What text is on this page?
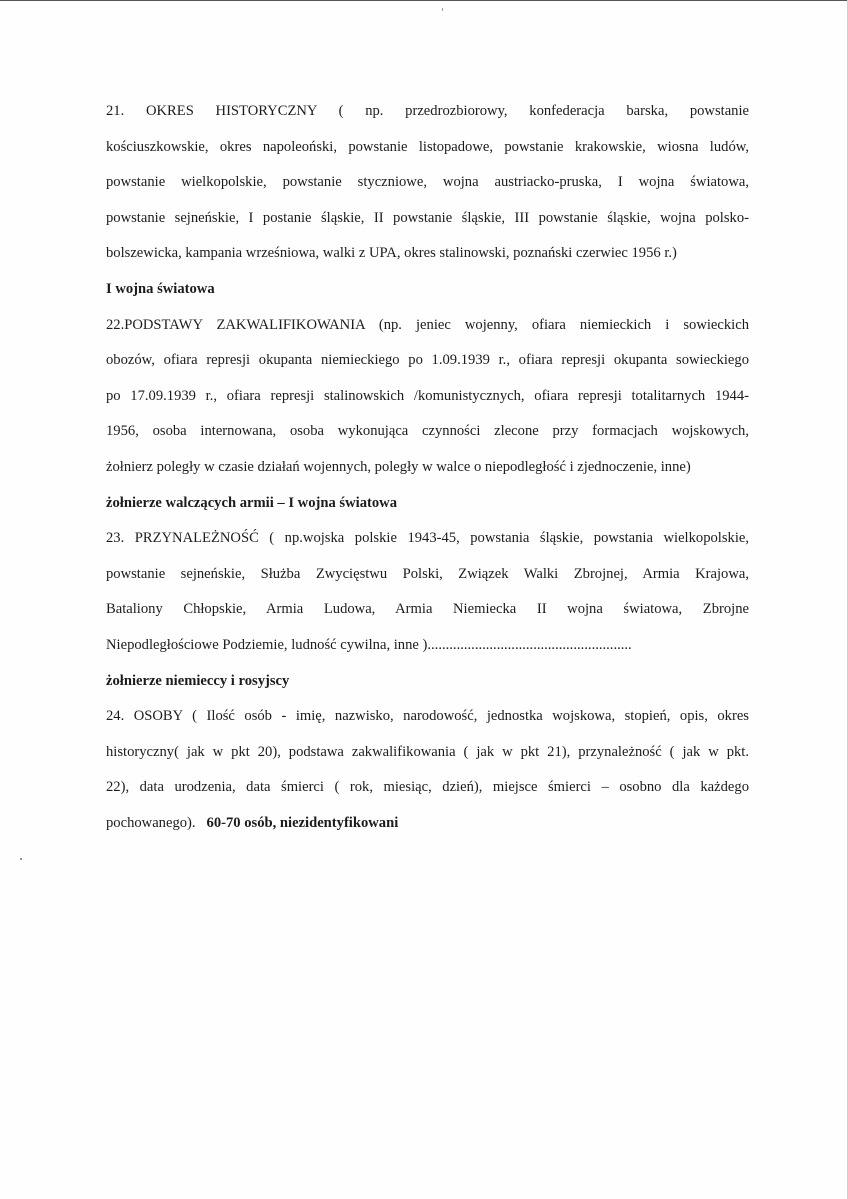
21. OKRES HISTORYCZNY ( np. przedrozbiorowy, konfederacja barska, powstanie

kościuszkowskie, okres napoleoński, powstanie listopadowe, powstanie krakowskie, wiosna ludów,

powstanie wielkopolskie, powstanie styczniowe, wojna austriacko-pruska, I wojna światowa,

powstanie sejneńskie, I postanie śląskie, II powstanie śląskie, III powstanie śląskie, wojna polsko-

bolszewicka, kampania wrześniowa, walki z UPA, okres stalinowski, poznański czerwiec 1956 r.)

I wojna światowa

22.PODSTAWY ZAKWALIFIKOWANIA (np. jeniec wojenny, ofiara niemieckich i sowieckich

obozów, ofiara represji okupanta niemieckiego po 1.09.1939 r., ofiara represji okupanta sowieckiego

po 17.09.1939 r., ofiara represji stalinowskich /komunistycznych, ofiara represji totalitarnych 1944-

1956, osoba internowana, osoba wykonująca czynności zlecone przy formacjach wojskowych,

żołnierz poległy w czasie działań wojennych, poległy w walce o niepodległość i zjednoczenie, inne)

żołnierze walczących armii – I wojna światowa

23. PRZYNALEŻNOŚĆ ( np.wojska polskie 1943-45, powstania śląskie, powstania wielkopolskie,

powstanie sejneńskie, Służba Zwycięstwu Polski, Związek Walki Zbrojnej, Armia Krajowa,

Bataliony Chłopskie, Armia Ludowa, Armia Niemiecka II wojna światowa, Zbrojne

Niepodległościowe Podziemie, ludność cywilna, inne )........................................................

żołnierze niemieccy i rosyjscy

24. OSOBY ( Ilość osób - imię, nazwisko, narodowość, jednostka wojskowa, stopień, opis, okres

historyczny( jak w pkt 20), podstawa zakwalifikowania ( jak w pkt 21), przynależność ( jak w pkt.

22), data urodzenia, data śmierci ( rok, miesiąc, dzień), miejsce śmierci – osobno dla każdego

pochowanego). 60-70 osób, niezidentyfikowani
